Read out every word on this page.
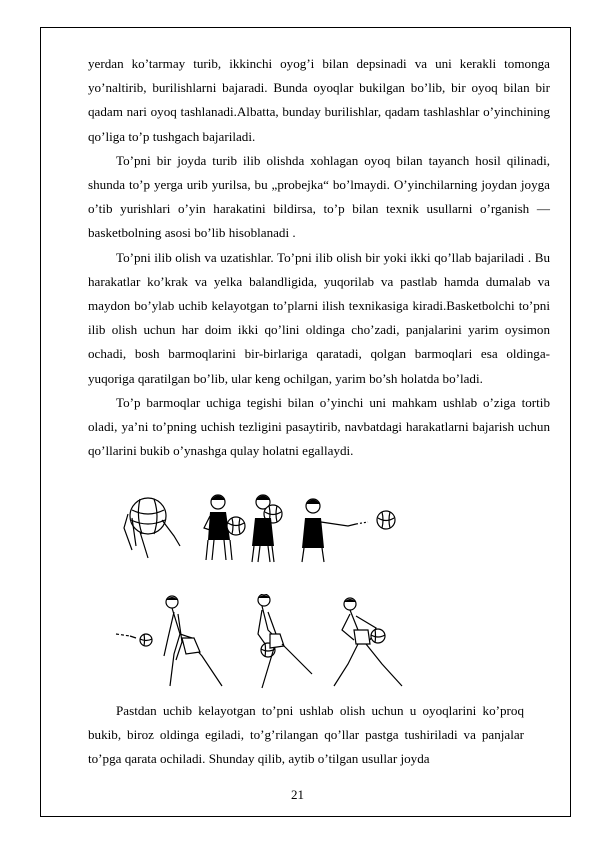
yerdan ko’tarmay turib, ikkinchi oyog’i bilan depsinadi va uni kerakli tomonga yo’naltirib, burilishlarni bajaradi. Bunda oyoqlar bukilgan bo’lib, bir oyoq bilan bir qadam nari oyoq tashlanadi.Albatta, bunday burilishlar, qadam tashlashlar o’yinchining qo’liga to’p tushgach bajariladi.

To’pni bir joyda turib ilib olishda xohlagan oyoq bilan tayanch hosil qilinadi, shunda to’p yerga urib yurilsa, bu „probejka“ bo’lmaydi. O’yinchilarning joydan joyga o’tib yurishlari o’yin harakatini bildirsa, to’p bilan texnik usullarni o’rganish — basketbolning asosi bo’lib hisoblanadi .

To’pni ilib olish va uzatishlar. To’pni ilib olish bir yoki ikki qo’llab bajariladi . Bu harakatlar ko’krak va yelka balandligida, yuqorilab va pastlab hamda dumalab va maydon bo’ylab uchib kelayotgan to’plarni ilish texnikasiga kiradi.Basketbolchi to’pni ilib olish uchun har doim ikki qo’lini oldinga cho’zadi, panjalarini yarim oysimon ochadi, bosh barmoqlarini bir-birlariga qaratadi, qolgan barmoqlari esa oldinga-yuqoriga qaratilgan bo’lib, ular keng ochilgan, yarim bo’sh holatda bo’ladi.

To’p barmoqlar uchiga tegishi bilan o’yinchi uni mahkam ushlab o’ziga tortib oladi, ya’ni to’pning uchish tezligini pasaytirib, navbatdagi harakatlarni bajarish uchun qo’llarini bukib o’ynashga qulay holatni egallaydi.

Pastdan uchib kelayotgan to’pni ushlab olish uchun u oyoqlarini ko’proq bukib, biroz oldinga egiladi, to’g’rilangan qo’llar pastga tushiriladi va panjalar to’pga qarata ochiladi. Shunday qilib, aytib o’tilgan usullar joyda

21
